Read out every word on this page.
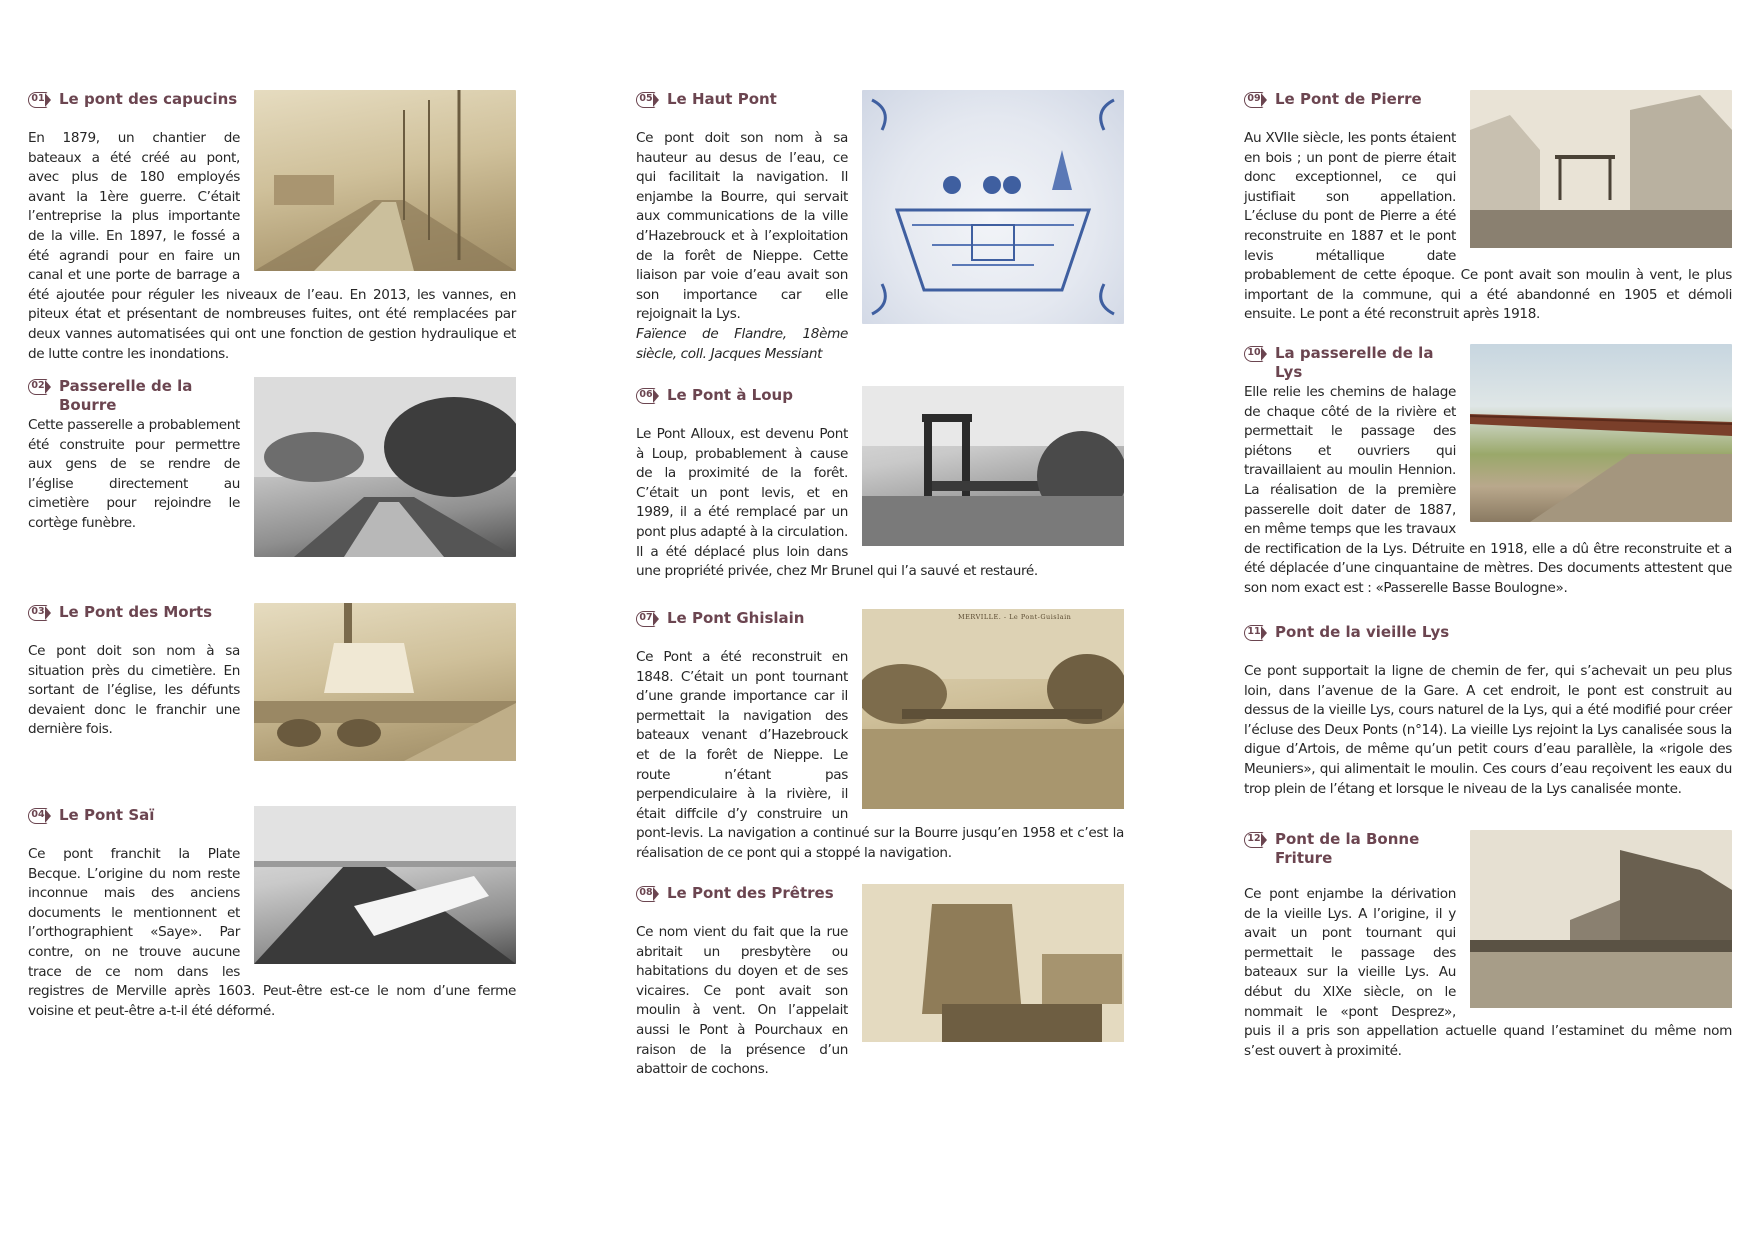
01 Le pont des capucins
En 1879, un chantier de bateaux a été créé au pont, avec plus de 180 employés avant la 1ère guerre. C’était l’entreprise la plus importante de la ville. En 1897, le fossé a été agrandi pour en faire un canal et une porte de barrage a été ajoutée pour réguler les niveaux de l’eau. En 2013, les vannes, en piteux état et présentant de nombreuses fuites, ont été remplacées par deux vannes automatisées qui ont une fonction de gestion hydraulique et de lutte contre les inondations.
02 Passerelle de la Bourre
Cette passerelle a probablement été construite pour permettre aux gens de se rendre de l’église directement au cimetière pour rejoindre le cortège funèbre.
03 Le Pont des Morts
Ce pont doit son nom à sa situation près du cimetière. En sortant de l’église, les défunts devaient donc le franchir une dernière fois.
04 Le Pont Saï
Ce pont franchit la Plate Becque. L’origine du nom reste inconnue mais des anciens documents le mentionnent et l’orthographient «Saye». Par contre, on ne trouve aucune trace de ce nom dans les registres de Merville après 1603. Peut-être est-ce le nom d’une ferme voisine et peut-être a-t-il été déformé.
05 Le Haut Pont
Ce pont doit son nom à sa hauteur au desus de l’eau, ce qui facilitait la navigation. Il enjambe la Bourre, qui servait aux communications de la ville d’Hazebrouck et à l’exploitation de la forêt de Nieppe. Cette liaison par voie d’eau avait son son importance car elle rejoignait la Lys.
Faïence de Flandre, 18ème siècle, coll. Jacques Messiant
06 Le Pont à Loup
Le Pont Alloux, est devenu Pont à Loup, probablement à cause de la proximité de la forêt. C’était un pont levis, et en 1989, il a été remplacé par un pont plus adapté à la circulation. Il a été déplacé plus loin dans une propriété privée, chez Mr Brunel qui l’a sauvé et restauré.
MERVILLE. - Le Pont-Guislain
07 Le Pont Ghislain
Ce Pont a été reconstruit en 1848. C’était un pont tournant d’une grande importance car il permettait la navigation des bateaux venant d’Hazebrouck et de la forêt de Nieppe. Le route n’étant pas perpendiculaire à la rivière, il était diffcile d’y construire un pont-levis. La navigation a continué sur la Bourre jusqu’en 1958 et c’est la réalisation de ce pont qui a stoppé la navigation.
08 Le Pont des Prêtres
Ce nom vient du fait que la rue abritait un presbytère ou habitations du doyen et de ses vicaires. Ce pont avait son moulin à vent. On l’appelait aussi le Pont à Pourchaux en raison de la présence d’un abattoir de cochons.
09 Le Pont de Pierre
Au XVIIe siècle, les ponts étaient en bois ; un pont de pierre était donc exceptionnel, ce qui justifiait son appellation. L’écluse du pont de Pierre a été reconstruite en 1887 et le pont levis métallique date probablement de cette époque. Ce pont avait son moulin à vent, le plus important de la commune, qui a été abandonné en 1905 et démoli ensuite. Le pont a été reconstruit après 1918.
10 La passerelle de la Lys
Elle relie les chemins de halage de chaque côté de la rivière et permettait le passage des piétons et ouvriers qui travaillaient au moulin Hennion. La réalisation de la première passerelle doit dater de 1887, en même temps que les travaux de rectification de la Lys. Détruite en 1918, elle a dû être reconstruite et a été déplacée d’une cinquantaine de mètres. Des documents attestent que son nom exact est : «Passerelle Basse Boulogne».
11 Pont de la vieille Lys
Ce pont supportait la ligne de chemin de fer, qui s’achevait un peu plus loin, dans l’avenue de la Gare. A cet endroit, le pont est construit au dessus de la vieille Lys, cours naturel de la Lys, qui a été modifié pour créer l’écluse des Deux Ponts (n°14). La vieille Lys rejoint la Lys canalisée sous la digue d’Artois, de même qu’un petit cours d’eau parallèle, la «rigole des Meuniers», qui alimentait le moulin. Ces cours d’eau reçoivent les eaux du trop plein de l’étang et lorsque le niveau de la Lys canalisée monte.
12 Pont de la Bonne Friture
Ce pont enjambe la dérivation de la vieille Lys. A l’origine, il y avait un pont tournant qui permettait le passage des bateaux sur la vieille Lys. Au début du XIXe siècle, on le nommait le «pont Desprez», puis il a pris son appellation actuelle quand l’estaminet du même nom s’est ouvert à proximité.
